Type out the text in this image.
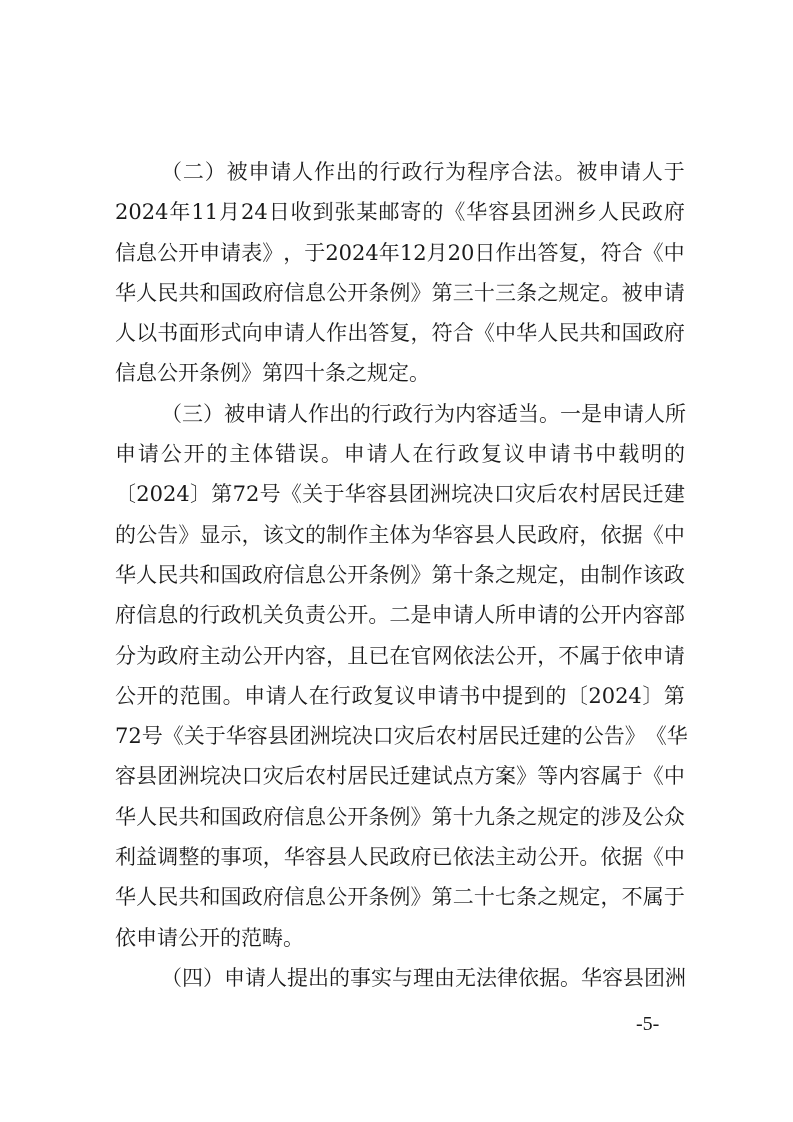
（ 二 ） 被 申 请 人 作 出 的 行 政 行 为 程 序 合 法 。 被 申 请 人 于
2024 年 11 月 24 日 收 到 张 某 邮 寄 的 《 华 容 县 团 洲 乡 人 民 政 府
信 息 公 开 申 请 表 》 ， 于 2024 年 12 月 20 日 作 出 答 复 ， 符 合 《 中
华 人 民 共 和 国 政 府 信 息 公 开 条 例 》 第 三 十 三 条 之 规 定 。 被 申 请
人 以 书 面 形 式 向 申 请 人 作 出 答 复 ， 符 合 《 中 华 人 民 共 和 国 政 府
信息公开条例》第四十条之规定。
（ 三 ） 被 申 请 人 作 出 的 行 政 行 为 内 容 适 当 。 一 是 申 请 人 所
申 请 公 开 的 主 体 错 误 。 申 请 人 在 行 政 复 议 申 请 书 中 载 明 的
〔 2024 〕 第 72 号 《 关 于 华 容 县 团 洲 垸 决 口 灾 后 农 村 居 民 迁 建
的 公 告 》 显 示 ， 该 文 的 制 作 主 体 为 华 容 县 人 民 政 府 ， 依 据 《 中
华 人 民 共 和 国 政 府 信 息 公 开 条 例 》 第 十 条 之 规 定 ， 由 制 作 该 政
府 信 息 的 行 政 机 关 负 责 公 开 。 二 是 申 请 人 所 申 请 的 公 开 内 容 部
分 为 政 府 主 动 公 开 内 容 ， 且 已 在 官 网 依 法 公 开 ， 不 属 于 依 申 请
公 开 的 范 围 。 申 请 人 在 行 政 复 议 申 请 书 中 提 到 的 〔 2024 〕 第
72 号 《 关 于 华 容 县 团 洲 垸 决 口 灾 后 农 村 居 民 迁 建 的 公 告 》 《 华
容 县 团 洲 垸 决 口 灾 后 农 村 居 民 迁 建 试 点 方 案 》 等 内 容 属 于 《 中
华 人 民 共 和 国 政 府 信 息 公 开 条 例 》 第 十 九 条 之 规 定 的 涉 及 公 众
利 益 调 整 的 事 项 ， 华 容 县 人 民 政 府 已 依 法 主 动 公 开 。 依 据 《 中
华 人 民 共 和 国 政 府 信 息 公 开 条 例 》 第 二 十 七 条 之 规 定 ， 不 属 于
依申请公开的范畴。
（ 四 ） 申 请 人 提 出 的 事 实 与 理 由 无 法 律 依 据 。 华 容 县 团 洲
-5-
